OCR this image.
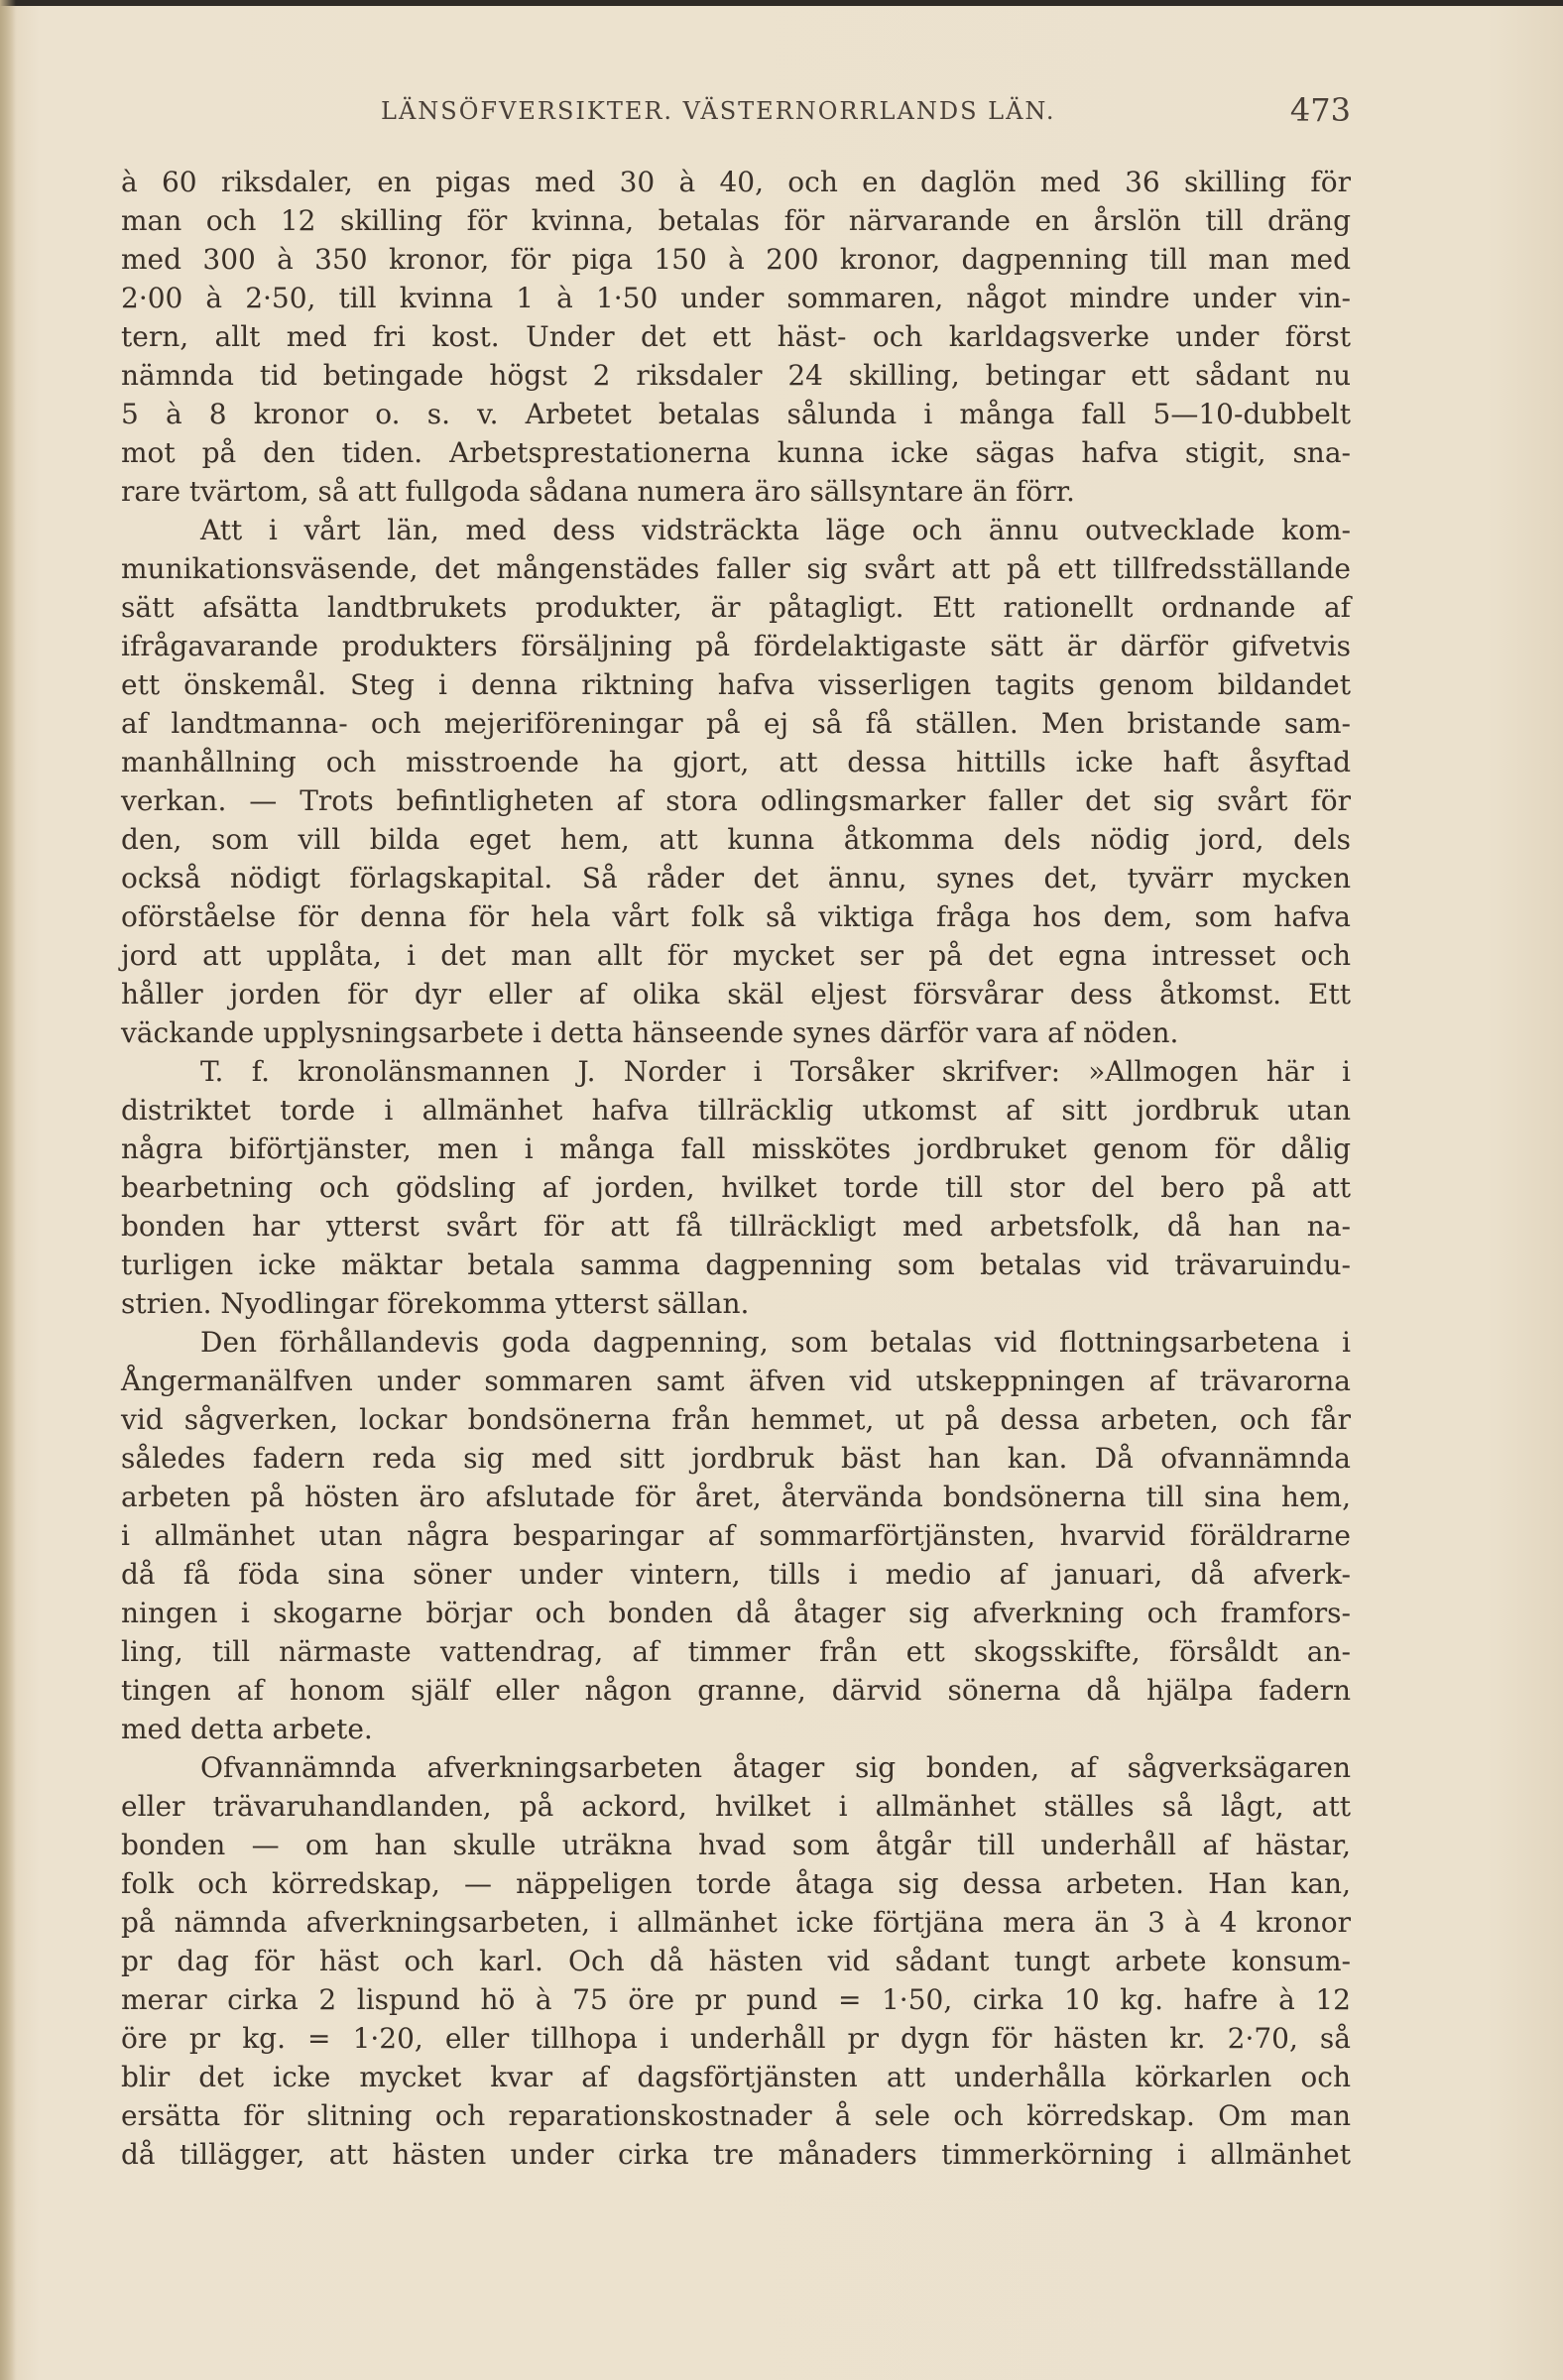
LÄNSÖFVERSIKTER. VÄSTERNORRLANDS LÄN.	473
à 60 riksdaler, en pigas med 30 à 40, och en daglön med 36 skilling för
man och 12 skilling för kvinna, betalas för närvarande en årslön till dräng
med 300 à 350 kronor, för piga 150 à 200 kronor, dagpenning till man med
2·00 à 2·50, till kvinna 1 à 1·50 under sommaren, något mindre under vin-
tern, allt med fri kost. Under det ett häst- och karldagsverke under först
nämnda tid betingade högst 2 riksdaler 24 skilling, betingar ett sådant nu
5 à 8 kronor o. s. v. Arbetet betalas sålunda i många fall 5—10-dubbelt
mot på den tiden. Arbetsprestationerna kunna icke sägas hafva stigit, sna-
rare tvärtom, så att fullgoda sådana numera äro sällsyntare än förr.
Att i vårt län, med dess vidsträckta läge och ännu outvecklade kom-
munikationsväsende, det mångenstädes faller sig svårt att på ett tillfredsställande
sätt afsätta landtbrukets produkter, är påtagligt. Ett rationellt ordnande af
ifrågavarande produkters försäljning på fördelaktigaste sätt är därför gifvetvis
ett önskemål. Steg i denna riktning hafva visserligen tagits genom bildandet
af landtmanna- och mejeriföreningar på ej så få ställen. Men bristande sam-
manhållning och misstroende ha gjort, att dessa hittills icke haft åsyftad
verkan. — Trots befintligheten af stora odlingsmarker faller det sig svårt för
den, som vill bilda eget hem, att kunna åtkomma dels nödig jord, dels
också nödigt förlagskapital. Så råder det ännu, synes det, tyvärr mycken
oförståelse för denna för hela vårt folk så viktiga fråga hos dem, som hafva
jord att upplåta, i det man allt för mycket ser på det egna intresset och
håller jorden för dyr eller af olika skäl eljest försvårar dess åtkomst. Ett
väckande upplysningsarbete i detta hänseende synes därför vara af nöden.
T. f. kronolänsmannen J. Norder i Torsåker skrifver: »Allmogen här i
distriktet torde i allmänhet hafva tillräcklig utkomst af sitt jordbruk utan
några biförtjänster, men i många fall misskötes jordbruket genom för dålig
bearbetning och gödsling af jorden, hvilket torde till stor del bero på att
bonden har ytterst svårt för att få tillräckligt med arbetsfolk, då han na-
turligen icke mäktar betala samma dagpenning som betalas vid trävaruindu-
strien. Nyodlingar förekomma ytterst sällan.
Den förhållandevis goda dagpenning, som betalas vid flottningsarbetena i
Ångermanälfven under sommaren samt äfven vid utskeppningen af trävarorna
vid sågverken, lockar bondsönerna från hemmet, ut på dessa arbeten, och får
således fadern reda sig med sitt jordbruk bäst han kan. Då ofvannämnda
arbeten på hösten äro afslutade för året, återvända bondsönerna till sina hem,
i allmänhet utan några besparingar af sommarförtjänsten, hvarvid föräldrarne
då få föda sina söner under vintern, tills i medio af januari, då afverk-
ningen i skogarne börjar och bonden då åtager sig afverkning och framfors-
ling, till närmaste vattendrag, af timmer från ett skogsskifte, försåldt an-
tingen af honom själf eller någon granne, därvid sönerna då hjälpa fadern
med detta arbete.
Ofvannämnda afverkningsarbeten åtager sig bonden, af sågverksägaren
eller trävaruhandlanden, på ackord, hvilket i allmänhet ställes så lågt, att
bonden — om han skulle uträkna hvad som åtgår till underhåll af hästar,
folk och körredskap, — näppeligen torde åtaga sig dessa arbeten. Han kan,
på nämnda afverkningsarbeten, i allmänhet icke förtjäna mera än 3 à 4 kronor
pr dag för häst och karl. Och då hästen vid sådant tungt arbete konsum-
merar cirka 2 lispund hö à 75 öre pr pund = 1·50, cirka 10 kg. hafre à 12
öre pr kg. = 1·20, eller tillhopa i underhåll pr dygn för hästen kr. 2·70, så
blir det icke mycket kvar af dagsförtjänsten att underhålla körkarlen och
ersätta för slitning och reparationskostnader å sele och körredskap. Om man
då tillägger, att hästen under cirka tre månaders timmerkörning i allmänhet
